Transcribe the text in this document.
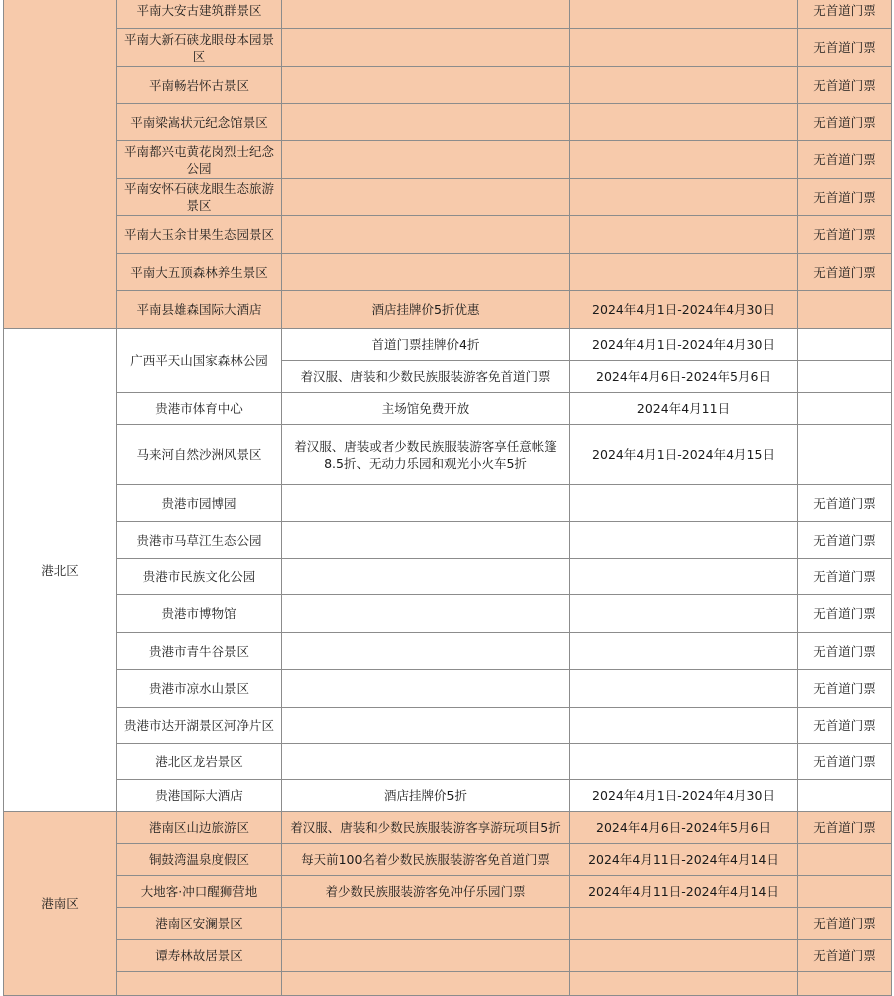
	平南大安古建筑群景区			无首道门票
	平南大新石硖龙眼母本园景区			无首道门票
	平南畅岩怀古景区			无首道门票
	平南梁嵩状元纪念馆景区			无首道门票
	平南都兴屯黄花岗烈士纪念公园			无首道门票
	平南安怀石硖龙眼生态旅游景区			无首道门票
	平南大玉余甘果生态园景区			无首道门票
	平南大五顶森林养生景区			无首道门票
	平南县雄森国际大酒店	酒店挂牌价5折优惠	2024年4月1日-2024年4月30日	
港北区	广西平天山国家森林公园	首道门票挂牌价4折	2024年4月1日-2024年4月30日	
		着汉服、唐装和少数民族服装游客免首道门票	2024年4月6日-2024年5月6日	
	贵港市体育中心	主场馆免费开放	2024年4月11日	
	马来河自然沙洲风景区	着汉服、唐装或者少数民族服装游客享任意帐篷8.5折、无动力乐园和观光小火车5折	2024年4月1日-2024年4月15日	
	贵港市园博园			无首道门票
	贵港市马草江生态公园			无首道门票
	贵港市民族文化公园			无首道门票
	贵港市博物馆			无首道门票
	贵港市青牛谷景区			无首道门票
	贵港市凉水山景区			无首道门票
	贵港市达开湖景区河净片区			无首道门票
	港北区龙岩景区			无首道门票
	贵港国际大酒店	酒店挂牌价5折	2024年4月1日-2024年4月30日	
港南区	港南区山边旅游区	着汉服、唐装和少数民族服装游客享游玩项目5折	2024年4月6日-2024年5月6日	无首道门票
	铜鼓湾温泉度假区	每天前100名着少数民族服装游客免首道门票	2024年4月11日-2024年4月14日	
	大地客·冲口醒狮营地	着少数民族服装游客免冲仔乐园门票	2024年4月11日-2024年4月14日	
	港南区安澜景区			无首道门票
	谭寿林故居景区			无首道门票
